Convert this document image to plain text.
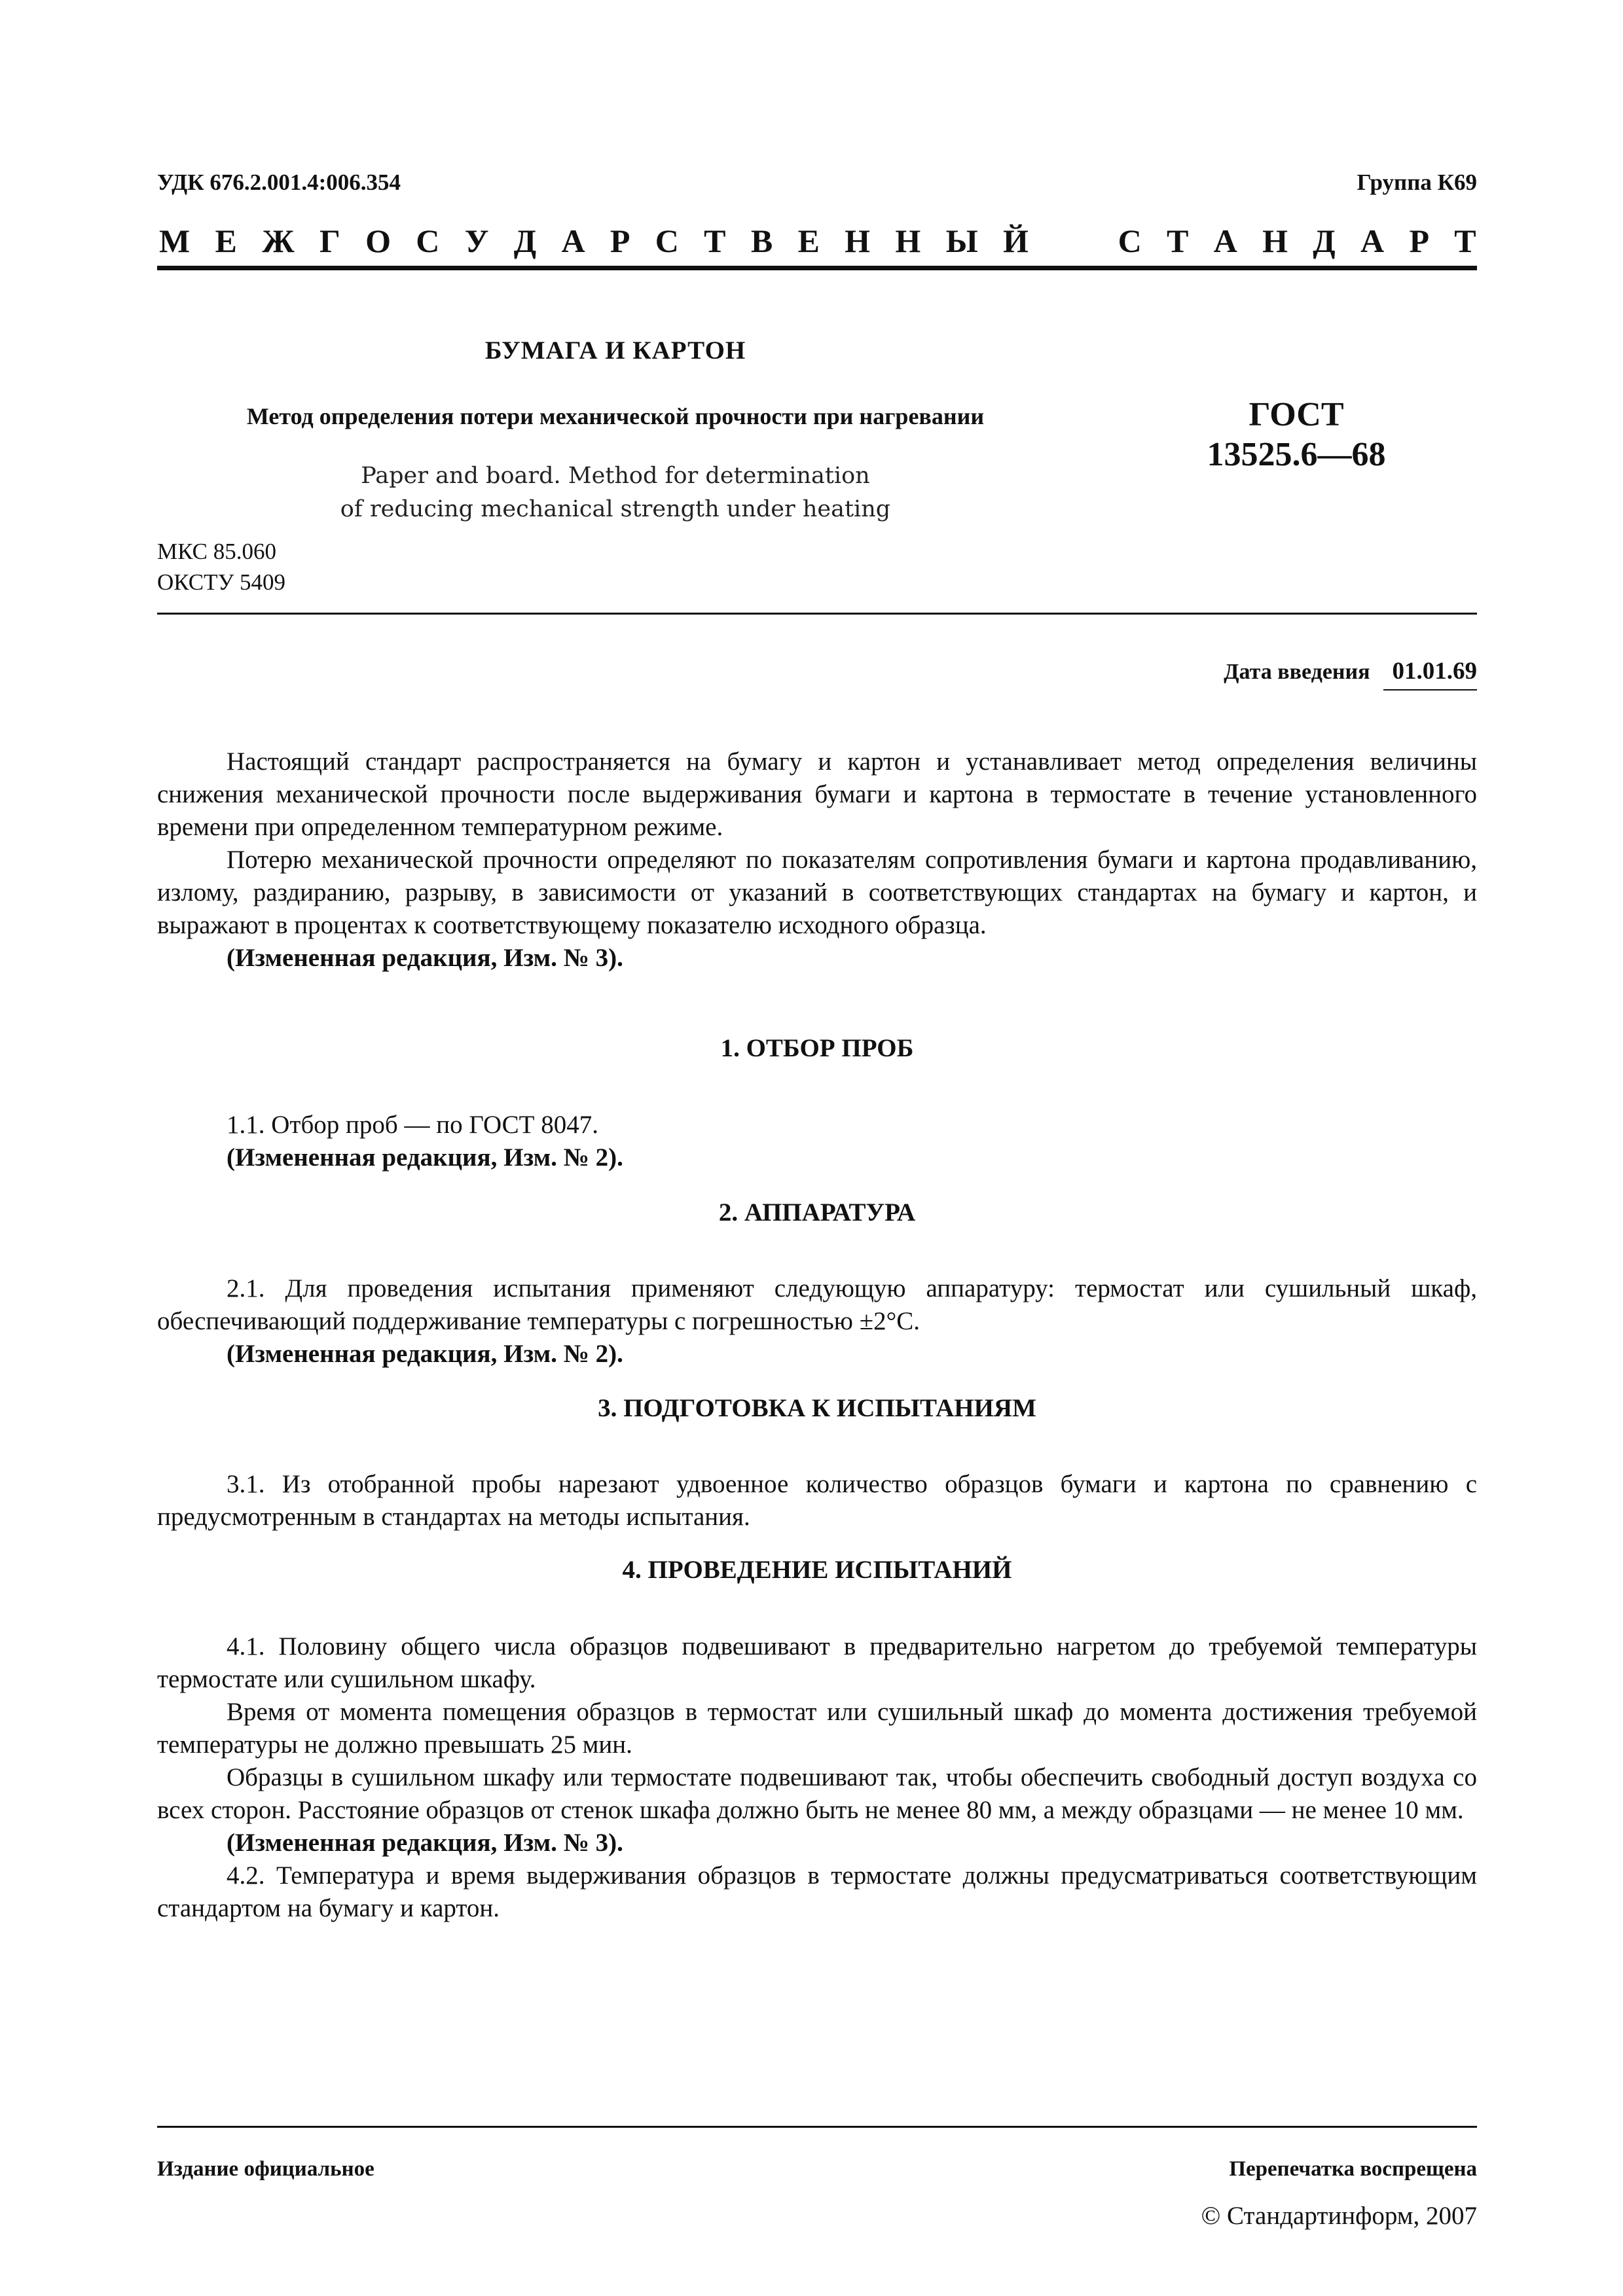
УДК 676.2.001.4:006.354	Группа К69
М Е Ж Г О С У Д А Р С Т В Е Н Н Ы Й	С Т А Н Д А Р Т
БУМАГА И КАРТОН
Метод определения потери механической прочности при нагревании
Paper and board. Method for determination
of reducing mechanical strength under heating
ГОСТ
13525.6—68
МКС 85.060
ОКСТУ 5409
Дата введения 01.01.69

Настоящий стандарт распространяется на бумагу и картон и устанавливает метод определения величины снижения механической прочности после выдерживания бумаги и картона в термостате в течение установленного времени при определенном температурном режиме.

Потерю механической прочности определяют по показателям сопротивления бумаги и картона продавливанию, излому, раздиранию, разрыву, в зависимости от указаний в соответствующих стандартах на бумагу и картон, и выражают в процентах к соответствующему показателю исходного образца.

(Измененная редакция, Изм. № 3).
1. ОТБОР ПРОБ

1.1. Отбор проб — по ГОСТ 8047.

(Измененная редакция, Изм. № 2).
2. АППАРАТУРА

2.1. Для проведения испытания применяют следующую аппаратуру: термостат или сушильный шкаф, обеспечивающий поддерживание температуры с погрешностью ±2°С.

(Измененная редакция, Изм. № 2).
3. ПОДГОТОВКА К ИСПЫТАНИЯМ

3.1. Из отобранной пробы нарезают удвоенное количество образцов бумаги и картона по сравнению с предусмотренным в стандартах на методы испытания.

4. ПРОВЕДЕНИЕ ИСПЫТАНИЙ

4.1. Половину общего числа образцов подвешивают в предварительно нагретом до требуемой температуры термостате или сушильном шкафу.

Время от момента помещения образцов в термостат или сушильный шкаф до момента достижения требуемой температуры не должно превышать 25 мин.

Образцы в сушильном шкафу или термостате подвешивают так, чтобы обеспечить свободный доступ воздуха со всех сторон. Расстояние образцов от стенок шкафа должно быть не менее 80 мм, а между образцами — не менее 10 мм.

(Измененная редакция, Изм. № 3).

4.2. Температура и время выдерживания образцов в термостате должны предусматриваться соответствующим стандартом на бумагу и картон.

Издание официальное	Перепечатка воспрещена
© Стандартинформ, 2007
